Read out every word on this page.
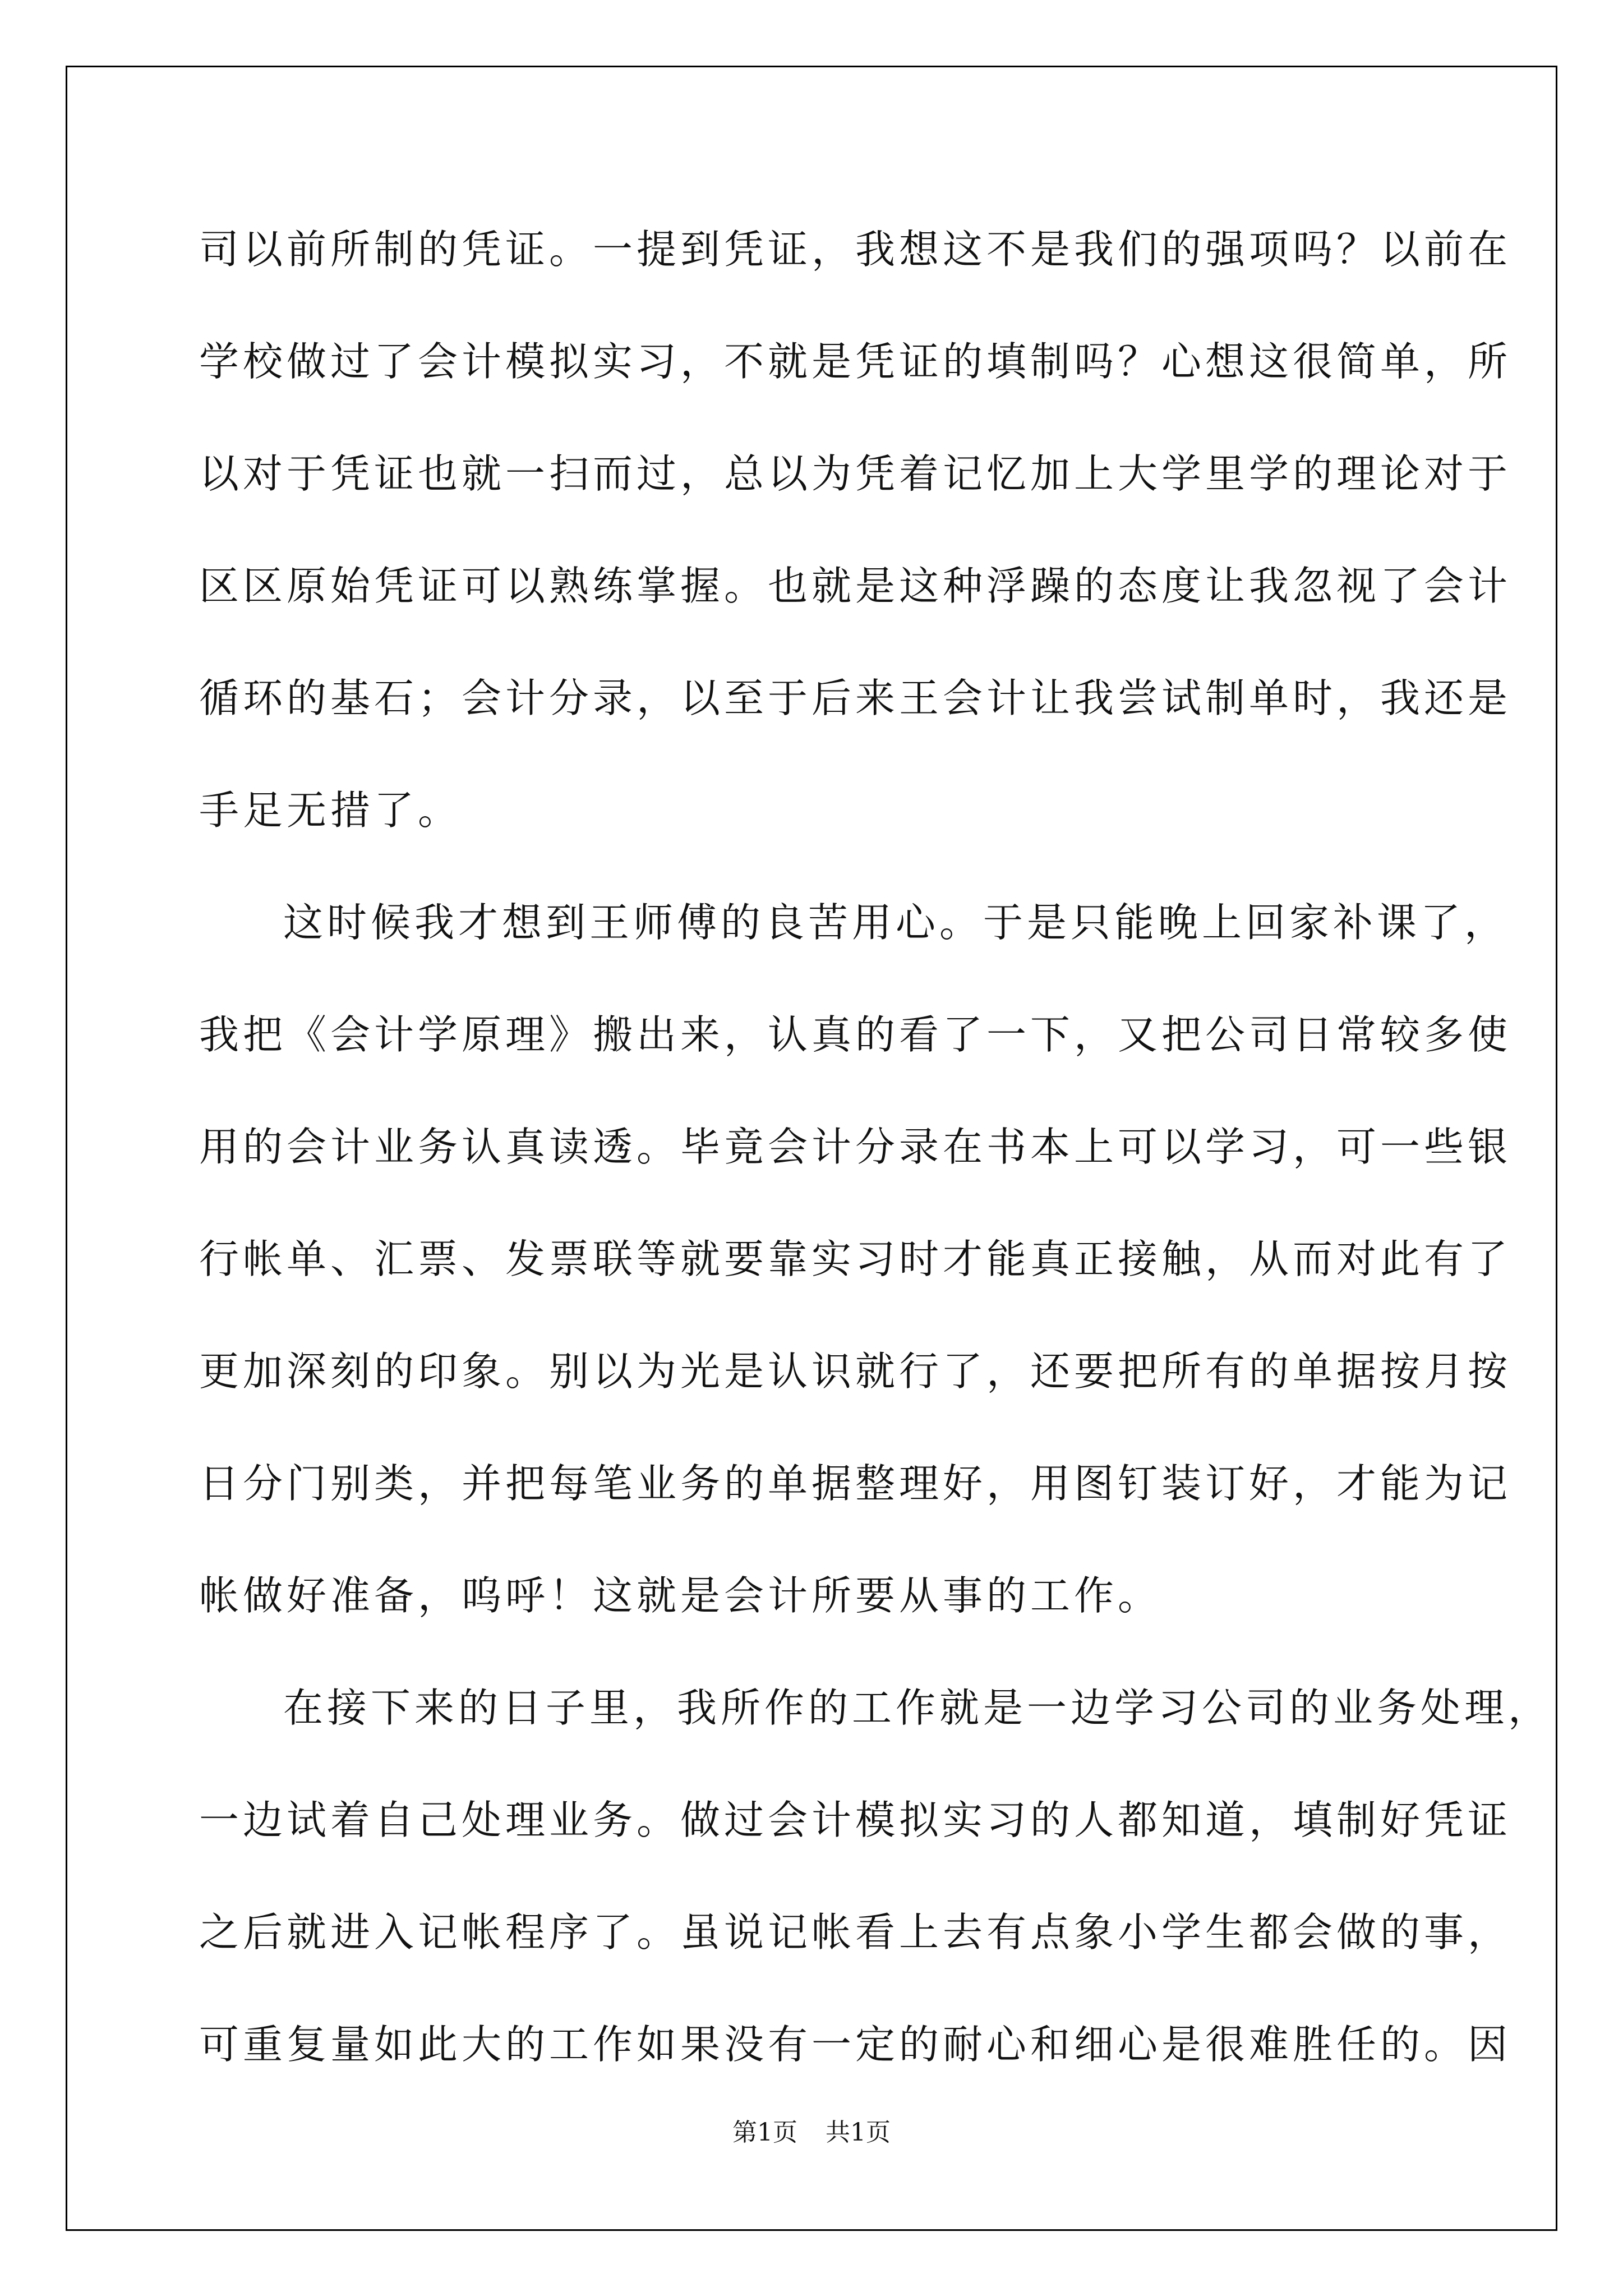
司以前所制的凭证。一提到凭证，我想这不是我们的强项吗？以前在
学校做过了会计模拟实习，不就是凭证的填制吗？心想这很简单，所
以对于凭证也就一扫而过，总以为凭着记忆加上大学里学的理论对于
区区原始凭证可以熟练掌握。也就是这种浮躁的态度让我忽视了会计
循环的基石；会计分录，以至于后来王会计让我尝试制单时，我还是
手足无措了。
这时候我才想到王师傅的良苦用心。于是只能晚上回家补课了，
我把《会计学原理》搬出来，认真的看了一下，又把公司日常较多使
用的会计业务认真读透。毕竟会计分录在书本上可以学习，可一些银
行帐单、汇票、发票联等就要靠实习时才能真正接触，从而对此有了
更加深刻的印象。别以为光是认识就行了，还要把所有的单据按月按
日分门别类，并把每笔业务的单据整理好，用图钉装订好，才能为记
帐做好准备，呜呼！这就是会计所要从事的工作。
在接下来的日子里，我所作的工作就是一边学习公司的业务处理，
一边试着自己处理业务。做过会计模拟实习的人都知道，填制好凭证
之后就进入记帐程序了。虽说记帐看上去有点象小学生都会做的事，
可重复量如此大的工作如果没有一定的耐心和细心是很难胜任的。因
第1页 共1页
